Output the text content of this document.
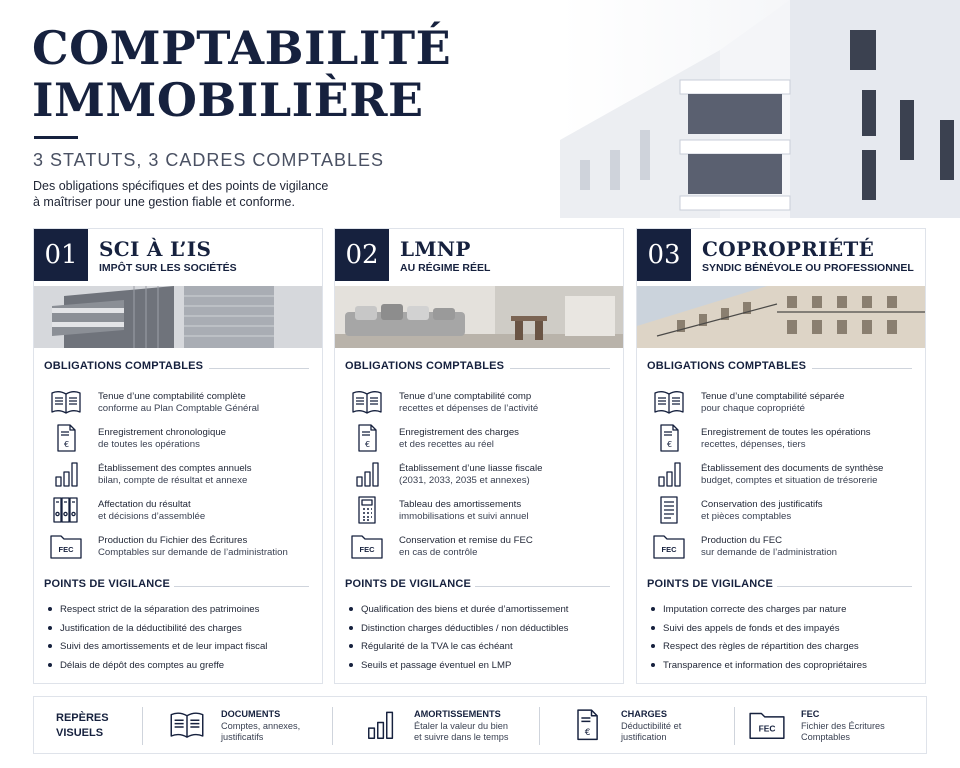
COMPTABILITÉ
IMMOBILIÈRE
3 STATUTS, 3 CADRES COMPTABLES
Des obligations spécifiques et des points de vigilance
à maîtriser pour une gestion fiable et conforme.
01	SCI À L’IS
IMPÔT SUR LES SOCIÉTÉS
OBLIGATIONS COMPTABLES
Tenue d’une comptabilité complète
conforme au Plan Comptable Général
€
Enregistrement chronologique
de toutes les opérations
Établissement des comptes annuels
bilan, compte de résultat et annexe
Affectation du résultat
et décisions d’assemblée
FEC
Production du Fichier des Écritures
Comptables sur demande de l’administration
POINTS DE VIGILANCE
Respect strict de la séparation des patrimoines
Justification de la déductibilité des charges
Suivi des amortissements et de leur impact fiscal
Délais de dépôt des comptes au greffe
02	LMNP
AU RÉGIME RÉEL
OBLIGATIONS COMPTABLES
Tenue d’une comptabilité comp
recettes et dépenses de l’activité
€
Enregistrement des charges
et des recettes au réel
Établissement d’une liasse fiscale
(2031, 2033, 2035 et annexes)
Tableau des amortissements
immobilisations et suivi annuel
FEC
Conservation et remise du FEC
en cas de contrôle
POINTS DE VIGILANCE
Qualification des biens et durée d’amortissement
Distinction charges déductibles / non déductibles
Régularité de la TVA le cas échéant
Seuils et passage éventuel en LMP
03	COPROPRIÉTÉ
SYNDIC BÉNÉVOLE OU PROFESSIONNEL
OBLIGATIONS COMPTABLES
Tenue d’une comptabilité séparée
pour chaque copropriété
€
Enregistrement de toutes les opérations
recettes, dépenses, tiers
Établissement des documents de synthèse
budget, comptes et situation de trésorerie
Conservation des justificatifs
et pièces comptables
FEC
Production du FEC
sur demande de l’administration
POINTS DE VIGILANCE
Imputation correcte des charges par nature
Suivi des appels de fonds et des impayés
Respect des règles de répartition des charges
Transparence et information des copropriétaires
REPÈRES
VISUELS
DOCUMENTS
Comptes, annexes,
justificatifs
AMORTISSEMENTS
Étaler la valeur du bien
et suivre dans le temps	€
CHARGES
Déductibilité et
justification
FEC
FEC
Fichier des Écritures
Comptables
